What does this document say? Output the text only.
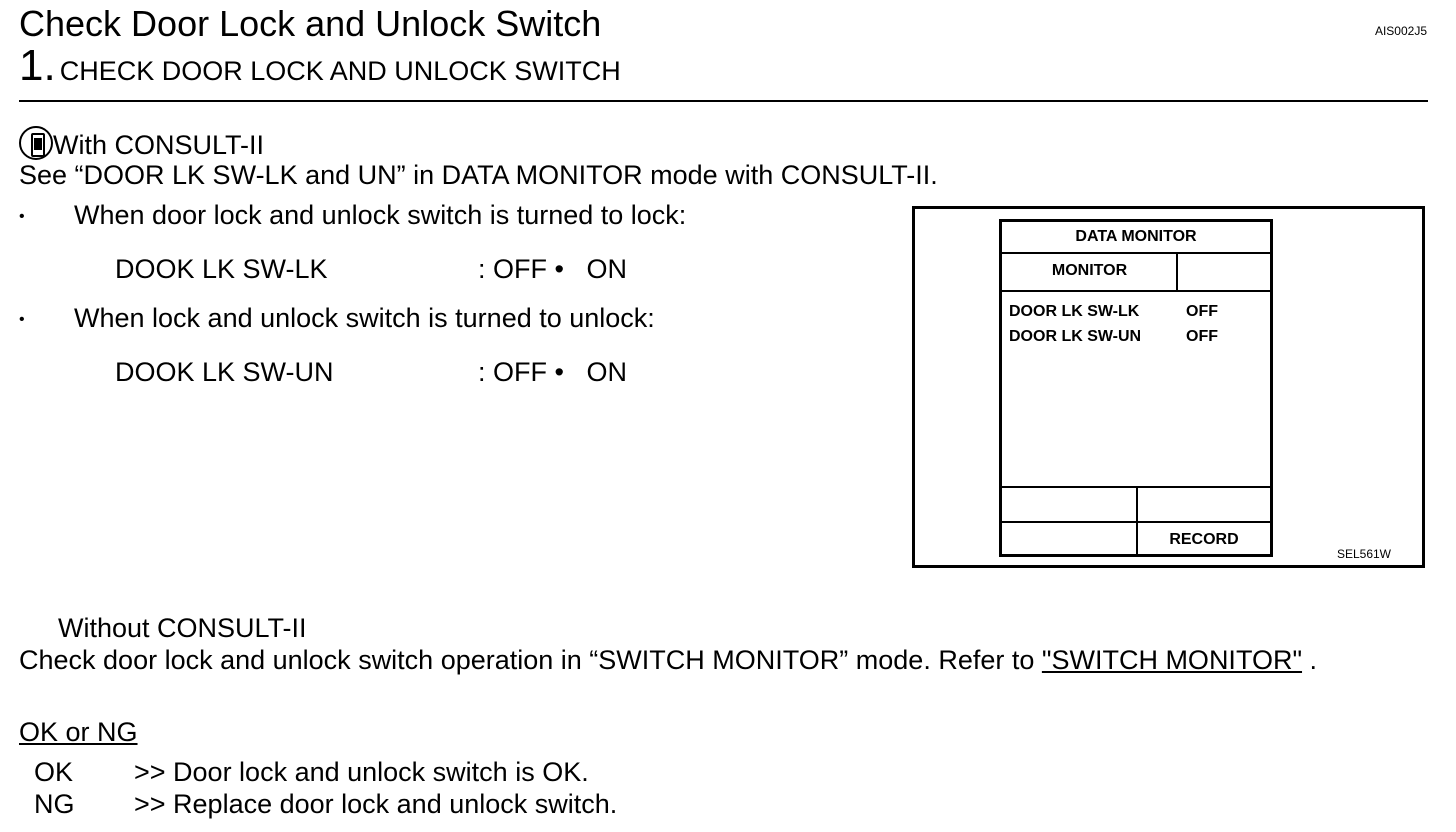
Check Door Lock and Unlock Switch	AIS002J5
1. CHECK DOOR LOCK AND UNLOCK SWITCH
With CONSULT-II
See “DOOR LK SW-LK and UN” in DATA MONITOR mode with CONSULT-II.
• When door lock and unlock switch is turned to lock:
DOOK LK SW-LK	: OFF •   ON
• When lock and unlock switch is turned to unlock:
DOOK LK SW-UN	: OFF •   ON
DATA MONITOR
MONITOR
DOOR LK SW-LK	OFF
DOOR LK SW-UN	OFF
RECORD
SEL561W
Without CONSULT-II
Check door lock and unlock switch operation in “SWITCH MONITOR” mode. Refer to "SWITCH MONITOR" .
OK or NG
OK >> Door lock and unlock switch is OK.
NG >> Replace door lock and unlock switch.
